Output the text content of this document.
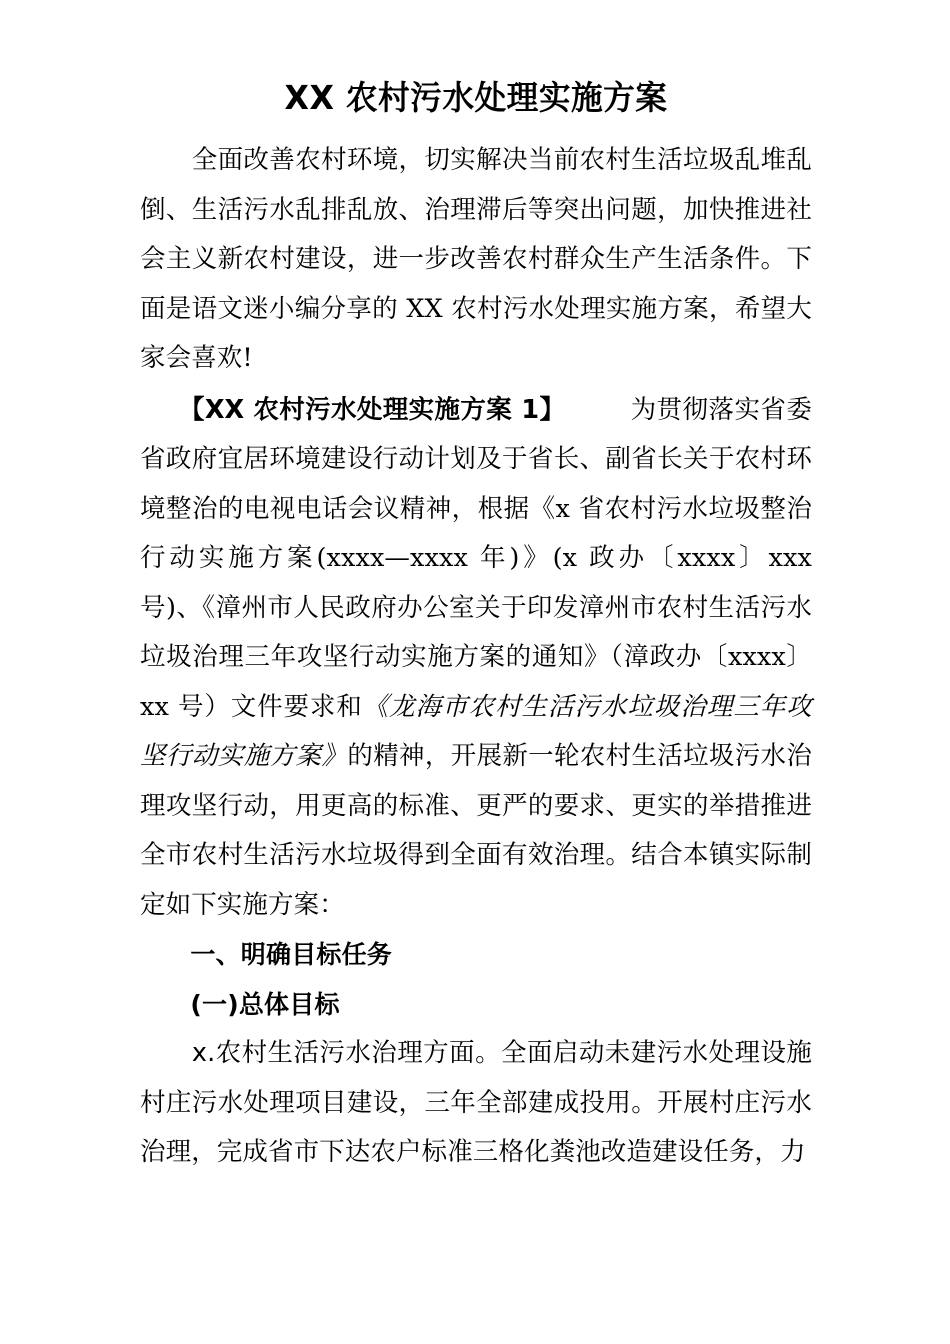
XX 农村污水处理实施方案

　　全面改善农村环境，切实解决当前农村生活垃圾乱堆乱倒、生活污水乱排乱放、治理滞后等突出问题，加快推进社会主义新农村建设，进一步改善农村群众生产生活条件。下面是语文迷小编分享的 XX 农村污水处理实施方案，希望大家会喜欢!

　　【XX 农村污水处理实施方案 1】　　　	为贯彻落实省委省政府宜居环境建设行动计划及于省长、副省长关于农村环境整治的电视电话会议精神，根据《x 省农村污水垃圾整治行动实施方案(xxxx—xxxx 年)》(x 政办〔xxxx〕xxx 号)、《漳州市人民政府办公室关于印发漳州市农村生活污水垃圾治理三年攻坚行动实施方案的通知》（漳政办〔xxxx〕xx 号）文件要求和《龙海市农村生活污水垃圾治理三年攻坚行动实施方案》的精神，开展新一轮农村生活垃圾污水治理攻坚行动，用更高的标准、更严的要求、更实的举措推进全市农村生活污水垃圾得到全面有效治理。结合本镇实际制定如下实施方案：

　　一、明确目标任务

　　(一)总体目标

　　x.农村生活污水治理方面。全面启动未建污水处理设施村庄污水处理项目建设，三年全部建成投用。开展村庄污水治理，完成省市下达农户标准三格化粪池改造建设任务，力
